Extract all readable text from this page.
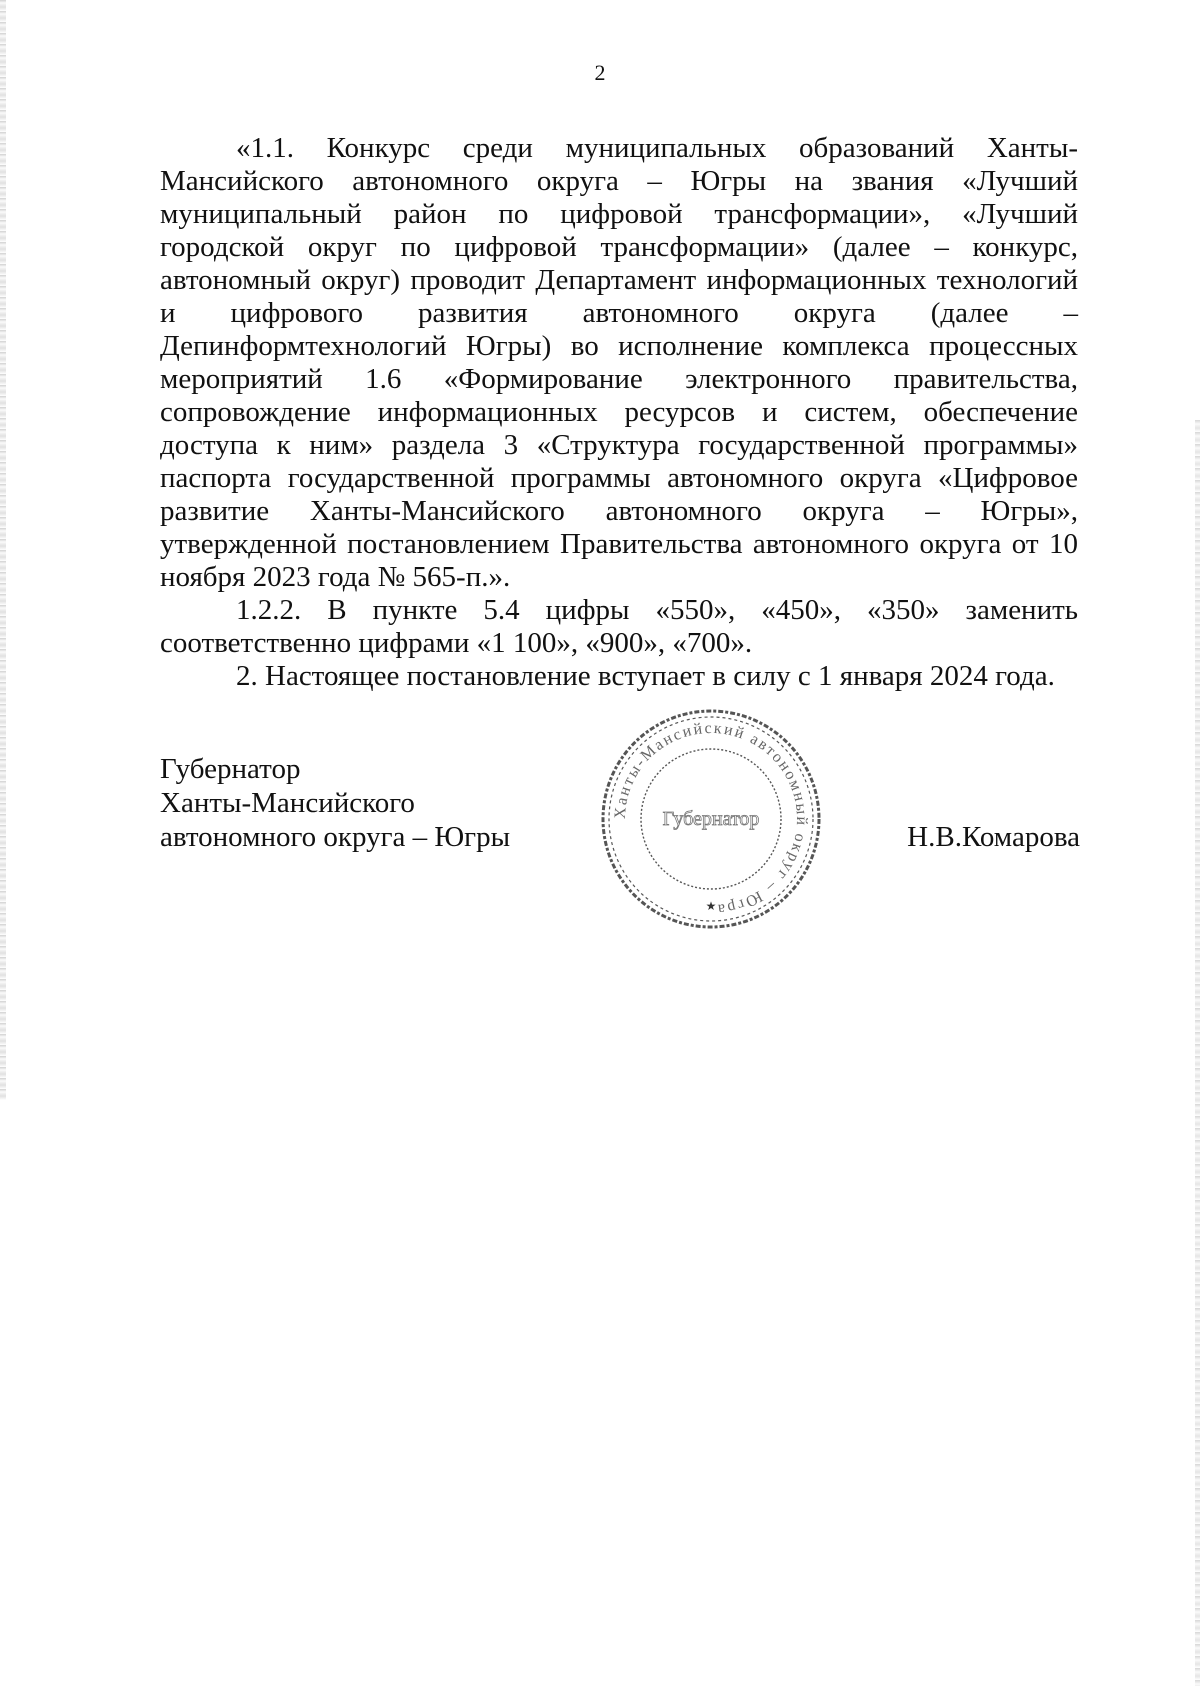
2

«1.1. Конкурс среди муниципальных образований Ханты-Мансийского автономного округа – Югры на звания «Лучший муниципальный район по цифровой трансформации», «Лучший городской округ по цифровой трансформации» (далее – конкурс, автономный округ) проводит Департамент информационных технологий и цифрового развития автономного округа (далее – Депинформтехнологий Югры) во исполнение комплекса процессных мероприятий 1.6 «Формирование электронного правительства, сопровождение информационных ресурсов и систем, обеспечение доступа к ним» раздела 3 «Структура государственной программы» паспорта государственной программы автономного округа «Цифровое развитие Ханты-Мансийского автономного округа – Югры», утвержденной постановлением Правительства автономного округа от 10 ноября 2023 года № 565-п.».

1.2.2. В пункте 5.4 цифры «550», «450», «350» заменить соответственно цифрами «1 100», «900», «700».

2. Настоящее постановление вступает в силу с 1 января 2024 года.

Губернатор
Ханты-Мансийского
автономного округа – Югры
Ханты-Мансийский автономный округ – Югра
Губернатор
★
Н.В.Комарова
